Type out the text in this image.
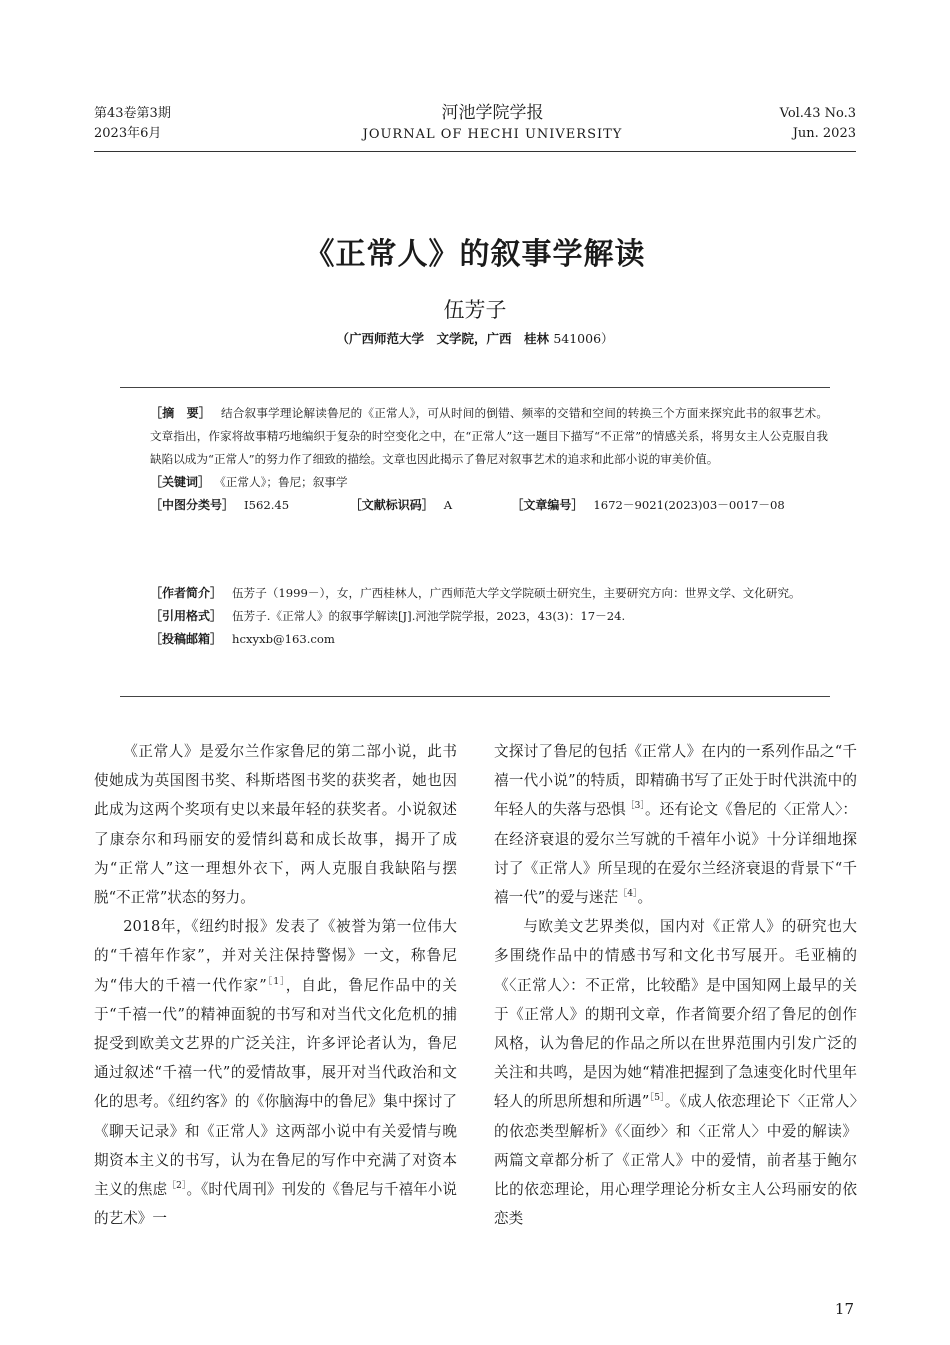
第43卷第3期
2023年6月
河池学院学报
JOURNAL OF HECHI UNIVERSITY
Vol.43 No.3
Jun. 2023
《正常人》的叙事学解读
伍芳子
（广西师范大学　文学院，广西　桂林 541006）
［摘　要］ 结合叙事学理论解读鲁尼的《正常人》，可从时间的倒错、频率的交错和空间的转换三个方面来探究此书的叙事艺术。文章指出，作家将故事精巧地编织于复杂的时空变化之中，在“正常人”这一题目下描写“不正常”的情感关系，将男女主人公克服自我缺陷以成为“正常人”的努力作了细致的描绘。文章也因此揭示了鲁尼对叙事艺术的追求和此部小说的审美价值。
［关键词］ 《正常人》；鲁尼；叙事学
［中图分类号］ I562.45	［文献标识码］ A	［文章编号］ 1672－9021(2023)03－0017－08
［作者简介］ 伍芳子（1999－），女，广西桂林人，广西师范大学文学院硕士研究生，主要研究方向：世界文学、文化研究。
［引用格式］ 伍芳子.《正常人》的叙事学解读[J].河池学院学报，2023，43(3)：17－24.
［投稿邮箱］ hcxyxb@163.com

《正常人》是爱尔兰作家鲁尼的第二部小说，此书使她成为英国图书奖、科斯塔图书奖的获奖者，她也因此成为这两个奖项有史以来最年轻的获奖者。小说叙述了康奈尔和玛丽安的爱情纠葛和成长故事，揭开了成为“正常人”这一理想外衣下，两人克服自我缺陷与摆脱“不正常”状态的努力。

2018年，《纽约时报》发表了《被誉为第一位伟大的“千禧年作家”，并对关注保持警惕》一文，称鲁尼为“伟大的千禧一代作家”$^{[1]}$，自此，鲁尼作品中的关于“千禧一代”的精神面貌的书写和对当代文化危机的捕捉受到欧美文艺界的广泛关注，许多评论者认为，鲁尼通过叙述“千禧一代”的爱情故事，展开对当代政治和文化的思考。《纽约客》的《你脑海中的鲁尼》集中探讨了《聊天记录》和《正常人》这两部小说中有关爱情与晚期资本主义的书写，认为在鲁尼的写作中充满了对资本主义的焦虑$^{[2]}$。《时代周刊》刊发的《鲁尼与千禧年小说的艺术》一

文探讨了鲁尼的包括《正常人》在内的一系列作品之“千禧一代小说”的特质，即精确书写了正处于时代洪流中的年轻人的失落与恐惧$^{[3]}$。还有论文《鲁尼的〈正常人〉：在经济衰退的爱尔兰写就的千禧年小说》十分详细地探讨了《正常人》所呈现的在爱尔兰经济衰退的背景下“千禧一代”的爱与迷茫$^{[4]}$。

与欧美文艺界类似，国内对《正常人》的研究也大多围绕作品中的情感书写和文化书写展开。毛亚楠的《〈正常人〉：不正常，比较酷》是中国知网上最早的关于《正常人》的期刊文章，作者简要介绍了鲁尼的创作风格，认为鲁尼的作品之所以在世界范围内引发广泛的关注和共鸣，是因为她“精准把握到了急速变化时代里年轻人的所思所想和所遇”$^{[5]}$。《成人依恋理论下〈正常人〉的依恋类型解析》《〈面纱〉和〈正常人〉中爱的解读》两篇文章都分析了《正常人》中的爱情，前者基于鲍尔比的依恋理论，用心理学理论分析女主人公玛丽安的依恋类

17
